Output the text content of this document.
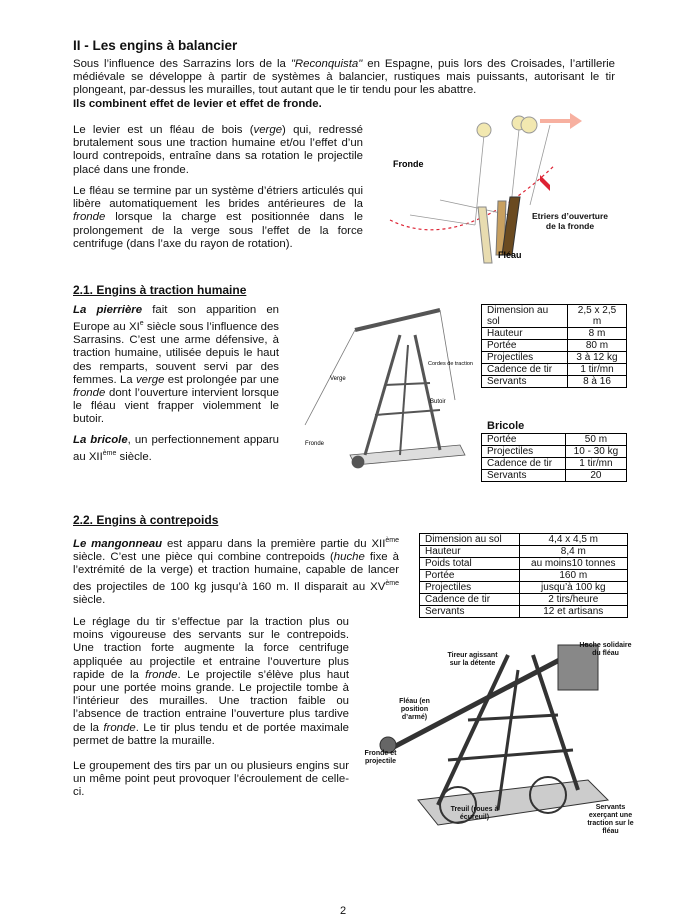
II - Les engins à balancier
Sous l’influence des Sarrazins lors de la "Reconquista" en Espagne, puis lors des Croisades, l’artillerie médiévale se développe à partir de systèmes à balancier, rustiques mais puissants, autorisant le tir plongeant, par-dessus les murailles, tout autant que le tir tendu pour les abattre.
Ils combinent effet de levier et effet de fronde.
Le levier est un fléau de bois (verge) qui, redressé brutalement sous une traction humaine et/ou l’effet d’un lourd contrepoids, entraîne dans sa rotation le projectile placé dans une fronde.
Le fléau se termine par un système d’étriers articulés qui libère automatiquement les brides antérieures de la fronde lorsque la charge est positionnée dans le prolongement de la verge sous l’effet de la force centrifuge (dans l’axe du rayon de rotation).
Fronde
Fléau
Etriers d’ouverture de la fronde
2.1. Engins à traction humaine
La pierrière fait son apparition en Europe au XIe siècle sous l’influence des Sarrasins. C’est une arme défensive, à traction humaine, utilisée depuis le haut des remparts, souvent servi par des femmes. La verge est prolongée par une fronde dont l’ouverture intervient lorsque le fléau vient frapper violemment le butoir.
La bricole, un perfectionnement apparu au XIIème siècle.
Verge
Cordes de traction
Butoir
Fronde
Dimension au sol	2,5 x 2,5 m
Hauteur	8 m
Portée	80 m
Projectiles	3 à 12 kg
Cadence de tir	1 tir/mn
Servants	8 à 16
Bricole
Portée	50 m
Projectiles	10 - 30 kg
Cadence de tir	1 tir/mn
Servants	20
2.2. Engins à contrepoids
Le mangonneau est apparu dans la première partie du XIIème siècle. C’est une pièce qui combine contrepoids (huche fixe à l’extrémité de la verge) et traction humaine, capable de lancer des projectiles de 100 kg jusqu’à 160 m. Il disparait au XVème siècle.
Dimension au sol	4,4 x 4,5 m
Hauteur	8,4 m
Poids total	au moins10 tonnes
Portée	160 m
Projectiles	jusqu’à 100 kg
Cadence de tir	2 tirs/heure
Servants	12 et artisans
Le réglage du tir s’effectue par la traction plus ou moins vigoureuse des servants sur le contrepoids. Une traction forte augmente la force centrifuge appliquée au projectile et entraine l’ouverture plus rapide de la fronde. Le projectile s’élève plus haut pour une portée moins grande. Le projectile tombe à l’intérieur des murailles. Une traction faible ou l’absence de traction entraine l’ouverture plus tardive de la fronde. Le tir plus tendu et de portée maximale permet de battre la muraille.
Le groupement des tirs par un ou plusieurs engins sur un même point peut provoquer l’écroulement de celle-ci.
Tireur agissant sur la détente
Huche solidaire du fléau
Fléau (en position d’armé)
Fronde et projectile
Treuil (roues à écureuil)
Servants exerçant une traction sur le fléau
2
